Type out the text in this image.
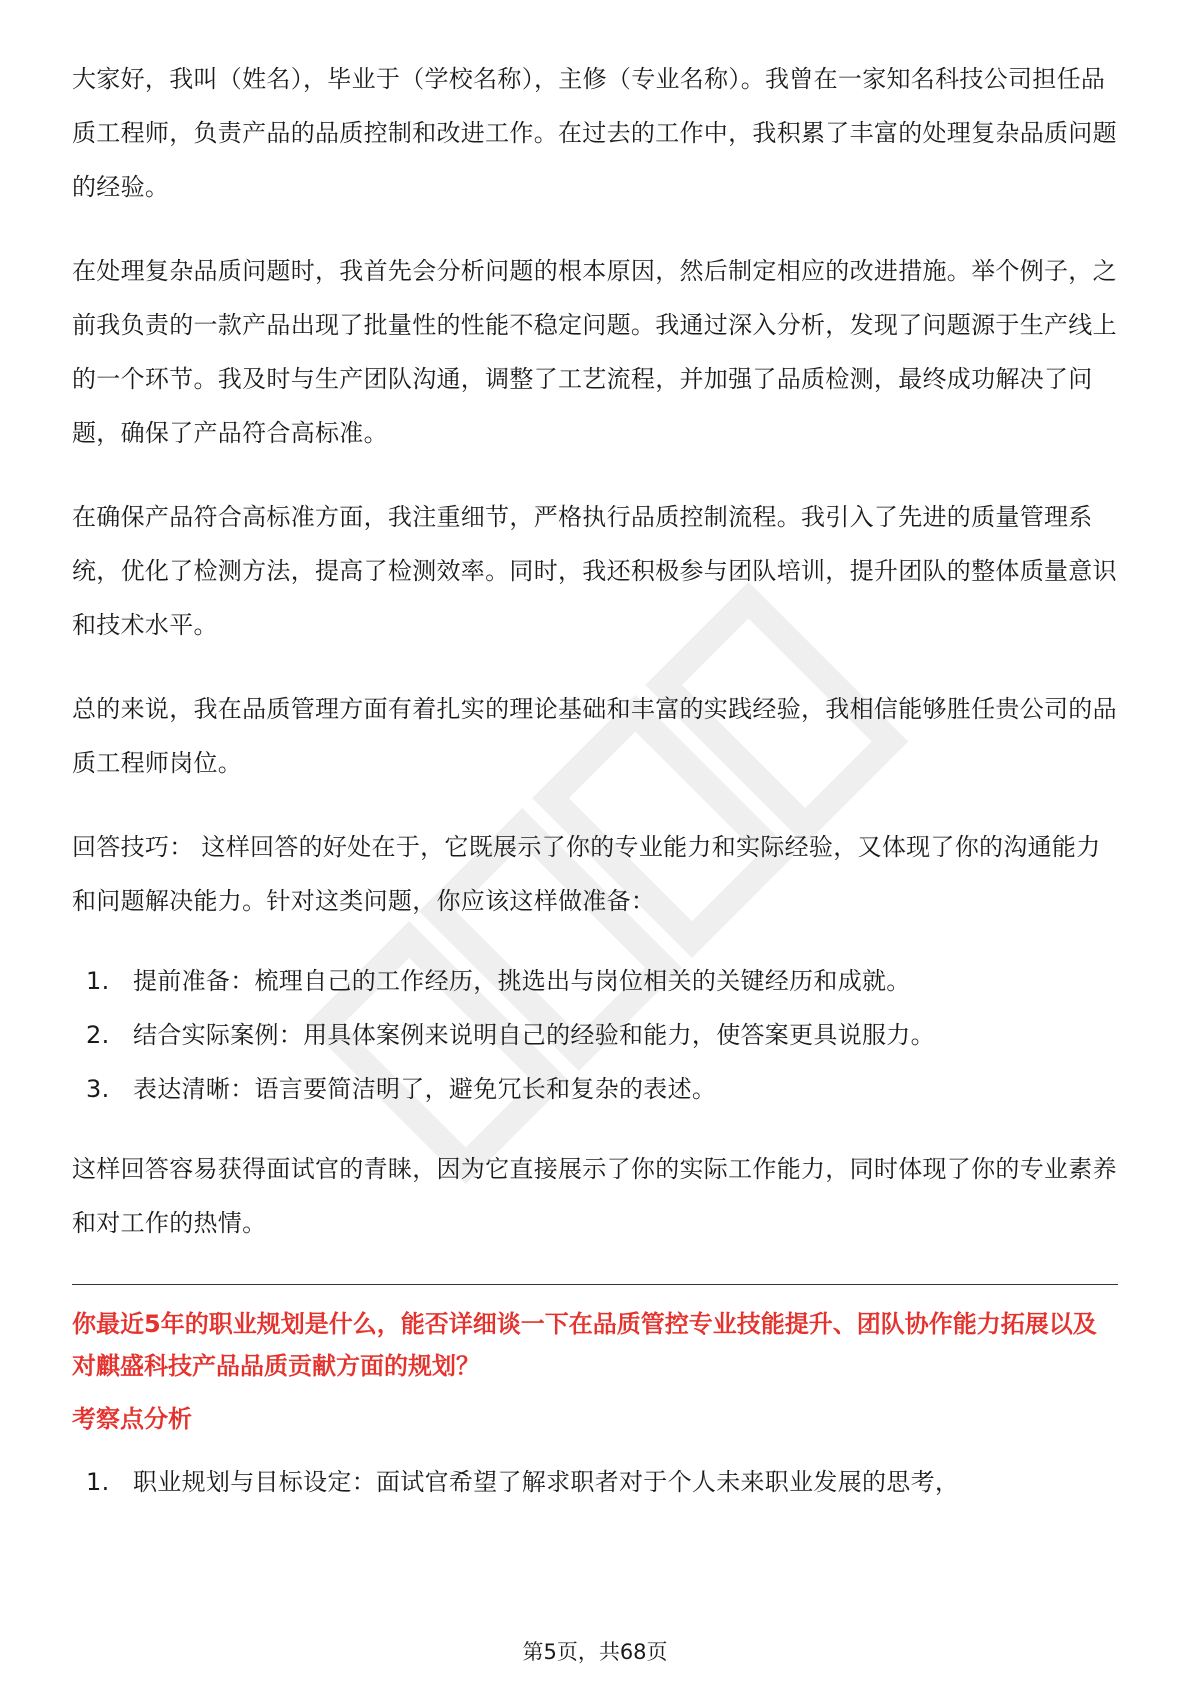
大家好，我叫（姓名），毕业于（学校名称），主修（专业名称）。我曾在一家知名科技公司担任品质工程师，负责产品的品质控制和改进工作。在过去的工作中，我积累了丰富的处理复杂品质问题的经验。

在处理复杂品质问题时，我首先会分析问题的根本原因，然后制定相应的改进措施。举个例子，之前我负责的一款产品出现了批量性的性能不稳定问题。我通过深入分析，发现了问题源于生产线上的一个环节。我及时与生产团队沟通，调整了工艺流程，并加强了品质检测，最终成功解决了问题，确保了产品符合高标准。

在确保产品符合高标准方面，我注重细节，严格执行品质控制流程。我引入了先进的质量管理系统，优化了检测方法，提高了检测效率。同时，我还积极参与团队培训，提升团队的整体质量意识和技术水平。

总的来说，我在品质管理方面有着扎实的理论基础和丰富的实践经验，我相信能够胜任贵公司的品质工程师岗位。

回答技巧： 这样回答的好处在于，它既展示了你的专业能力和实际经验，又体现了你的沟通能力和问题解决能力。针对这类问题，你应该这样做准备：

1. 提前准备：梳理自己的工作经历，挑选出与岗位相关的关键经历和成就。
2. 结合实际案例：用具体案例来说明自己的经验和能力，使答案更具说服力。
3. 表达清晰：语言要简洁明了，避免冗长和复杂的表述。

这样回答容易获得面试官的青睐，因为它直接展示了你的实际工作能力，同时体现了你的专业素养和对工作的热情。

你最近5年的职业规划是什么，能否详细谈一下在品质管控专业技能提升、团队协作能力拓展以及对麒盛科技产品品质贡献方面的规划？

考察点分析

1. 职业规划与目标设定：面试官希望了解求职者对于个人未来职业发展的思考，
第5页，共68页
